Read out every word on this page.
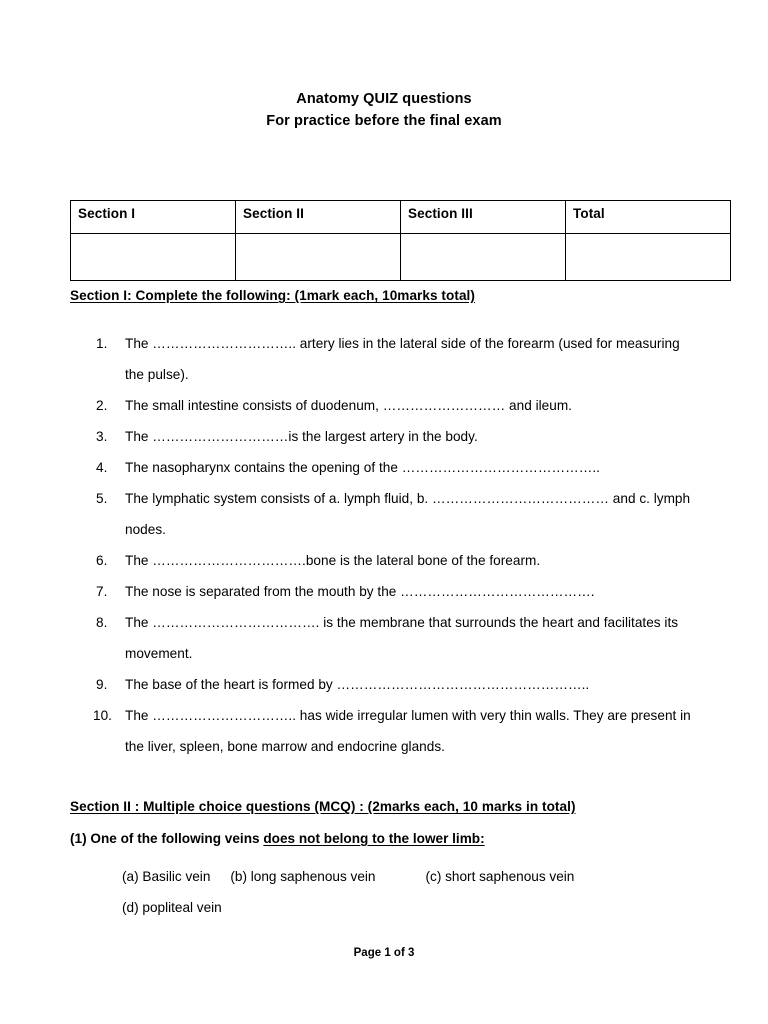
Anatomy QUIZ questions
For practice before the final exam
Section I	Section II	Section III	Total

Section I: Complete the following: (1mark each, 10marks total)
1.	The ………………………….. artery lies in the lateral side of the forearm (used for measuring the pulse).
2.	The small intestine consists of duodenum, ……………………… and ileum.
3.	The …………………………is the largest artery in the body.
4.	The nasopharynx contains the opening of the ……………………………………..
5.	The lymphatic system consists of a. lymph fluid, b. ………………………………… and c. lymph nodes.
6.	The …………………………….bone is the lateral bone of the forearm.
7.	The nose is separated from the mouth by the …………………………………….
8.	The ………………………………. is the membrane that surrounds the heart and facilitates its movement.
9.	The base of the heart is formed by ………………………………………………..
10. The ………………………….. has wide irregular lumen with very thin walls. They are present in the liver, spleen, bone marrow and endocrine glands.
Section II : Multiple choice questions (MCQ) : (2marks each, 10 marks in total)
(1) One of the following veins does not belong to the lower limb:
(a) Basilic vein (b) long saphenous vein	(c) short saphenous vein
(d) popliteal vein
Page 1 of 3
